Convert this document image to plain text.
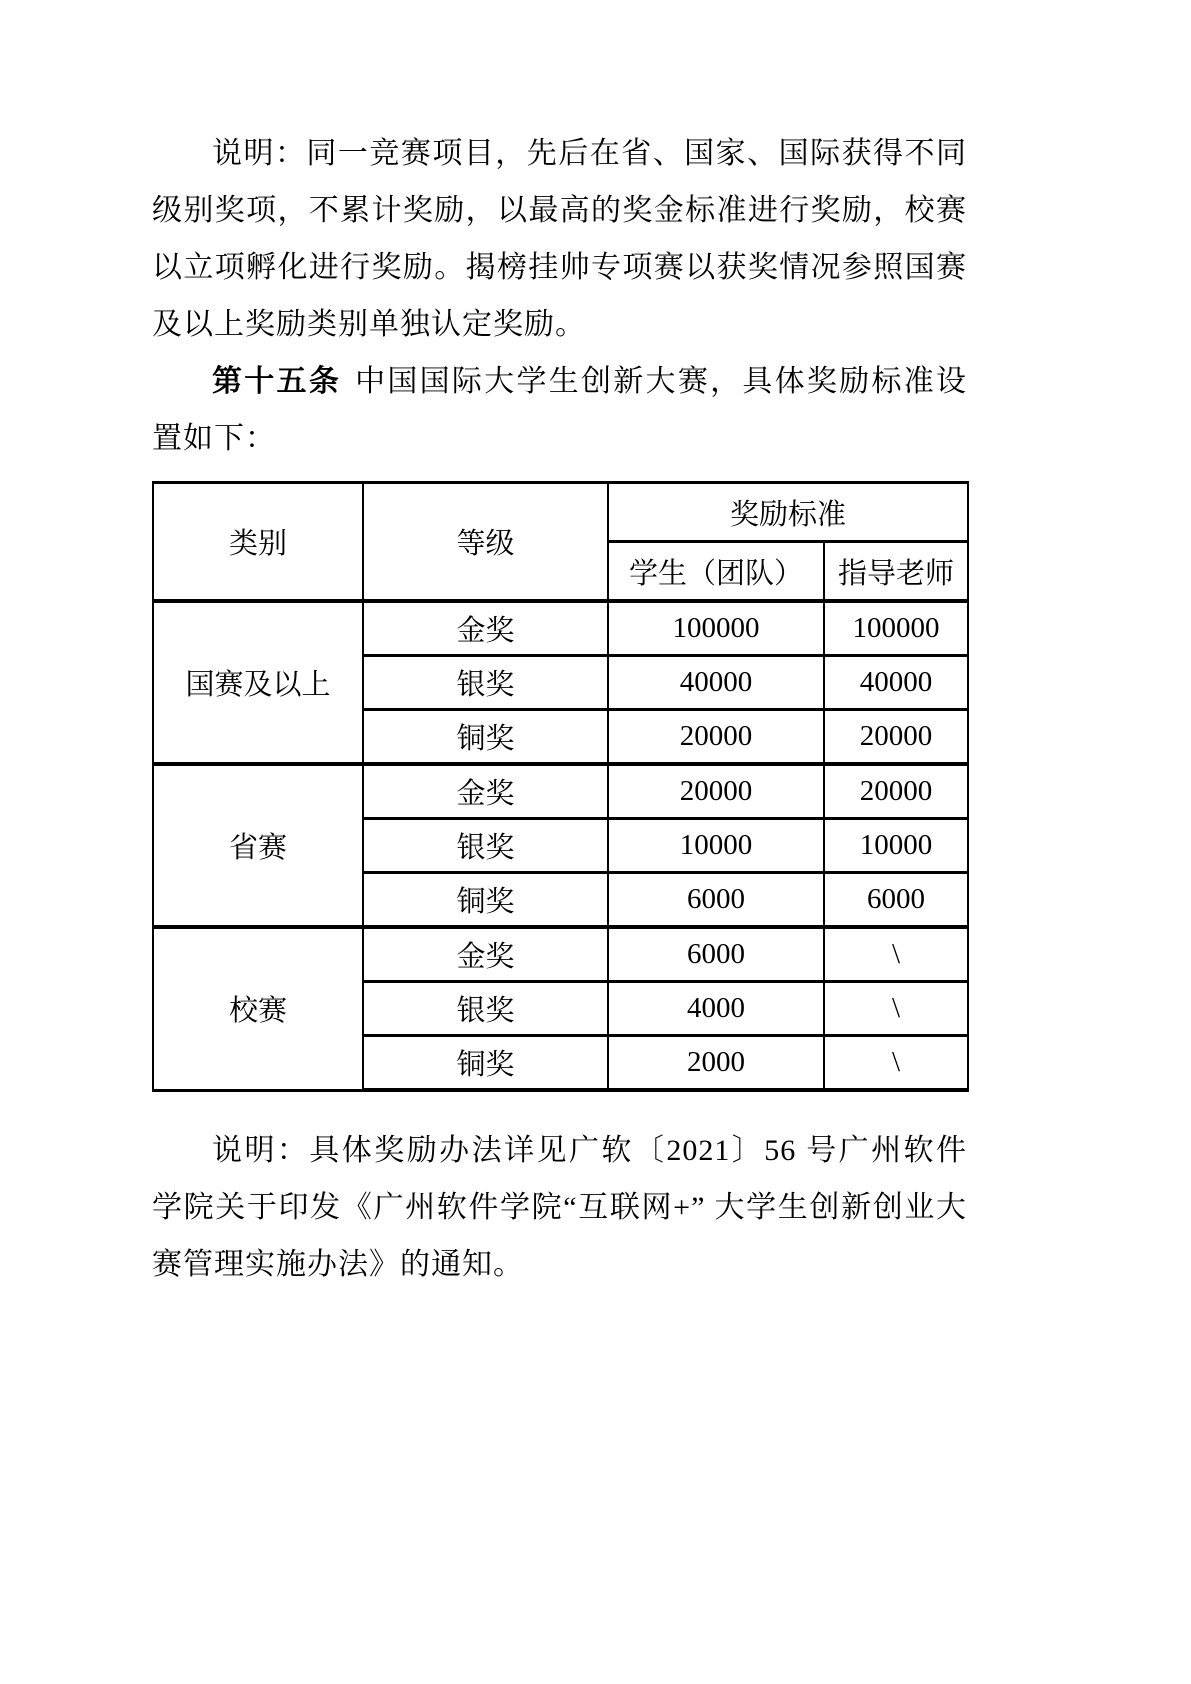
说明：同一竞赛项目，先后在省、国家、国际获得不同级别奖项，不累计奖励，以最高的奖金标准进行奖励，校赛以立项孵化进行奖励。揭榜挂帅专项赛以获奖情况参照国赛及以上奖励类别单独认定奖励。

第十五条 中国国际大学生创新大赛，具体奖励标准设置如下：

类别	等级	奖励标准	
		学生（团队）	指导老师
国赛及以上	金奖	100000	100000
	银奖	40000	40000
	铜奖	20000	20000
省赛	金奖	20000	20000
	银奖	10000	10000
	铜奖	6000	6000
校赛	金奖	6000	\
	银奖	4000	\
	铜奖	2000	\

说明：具体奖励办法详见广软〔2021〕56 号广州软件学院关于印发《广州软件学院“互联网+” 大学生创新创业大赛管理实施办法》的通知。
